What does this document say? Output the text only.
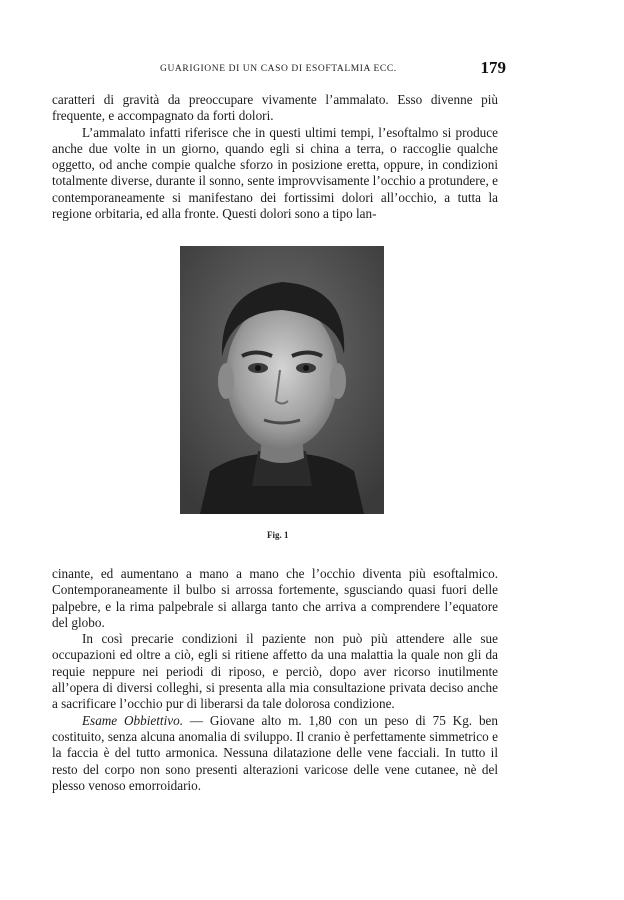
GUARIGIONE DI UN CASO DI ESOFTALMIA ECC.	179

caratteri di gravità da preoccupare vivamente l’ammalato. Esso divenne più frequente, e accompagnato da forti dolori.

L’ammalato infatti riferisce che in questi ultimi tempi, l’esoftalmo si produce anche due volte in un giorno, quando egli si china a terra, o raccoglie qualche oggetto, od anche compie qualche sforzo in posizione eretta, oppure, in condizioni totalmente diverse, durante il sonno, sente improvvisamente l’occhio a protundere, e contemporaneamente si manifestano dei fortissimi dolori all’occhio, a tutta la regione orbitaria, ed alla fronte. Questi dolori sono a tipo lan-

Fig. 1

cinante, ed aumentano a mano a mano che l’occhio diventa più esoftalmico. Contemporaneamente il bulbo si arrossa fortemente, sgusciando quasi fuori delle palpebre, e la rima palpebrale si allarga tanto che arriva a comprendere l’equatore del globo.

In così precarie condizioni il paziente non può più attendere alle sue occupazioni ed oltre a ciò, egli si ritiene affetto da una malattia la quale non gli da requie neppure nei periodi di riposo, e perciò, dopo aver ricorso inutilmente all’opera di diversi colleghi, si presenta alla mia consultazione privata deciso anche a sacrificare l’occhio pur di liberarsi da tale dolorosa condizione.

Esame Obbiettivo. — Giovane alto m. 1,80 con un peso di 75 Kg. ben costituito, senza alcuna anomalia di sviluppo. Il cranio è perfettamente simmetrico e la faccia è del tutto armonica. Nessuna dilatazione delle vene facciali. In tutto il resto del corpo non sono presenti alterazioni varicose delle vene cutanee, nè del plesso venoso emorroidario.
